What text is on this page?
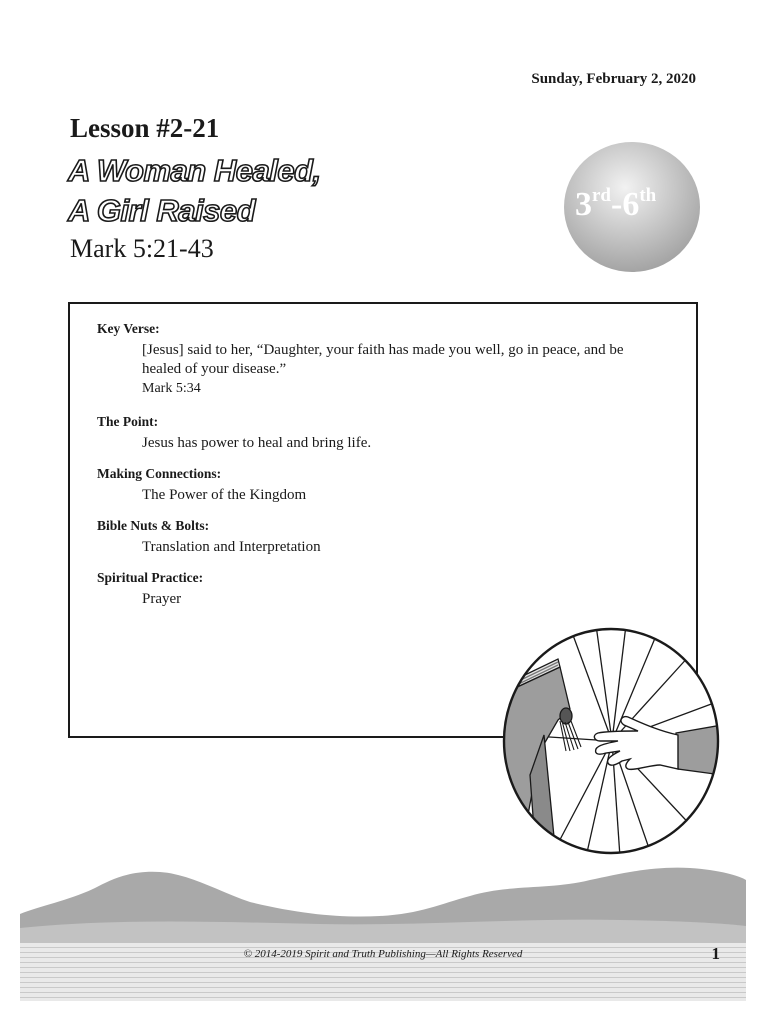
Sunday, February 2, 2020
Lesson #2-21
A Woman Healed,
A Girl Raised
Mark 5:21-43
3rd-6th

Key Verse:

[Jesus] said to her, “Daughter, your faith has made you well, go in peace, and be
healed of your disease.”
Mark 5:34

The Point:

Jesus has power to heal and bring life.

Making Connections:

The Power of the Kingdom

Bible Nuts & Bolts:

Translation and Interpretation

Spiritual Practice:

Prayer
© 2014-2019 Spirit and Truth Publishing—All Rights Reserved	1
